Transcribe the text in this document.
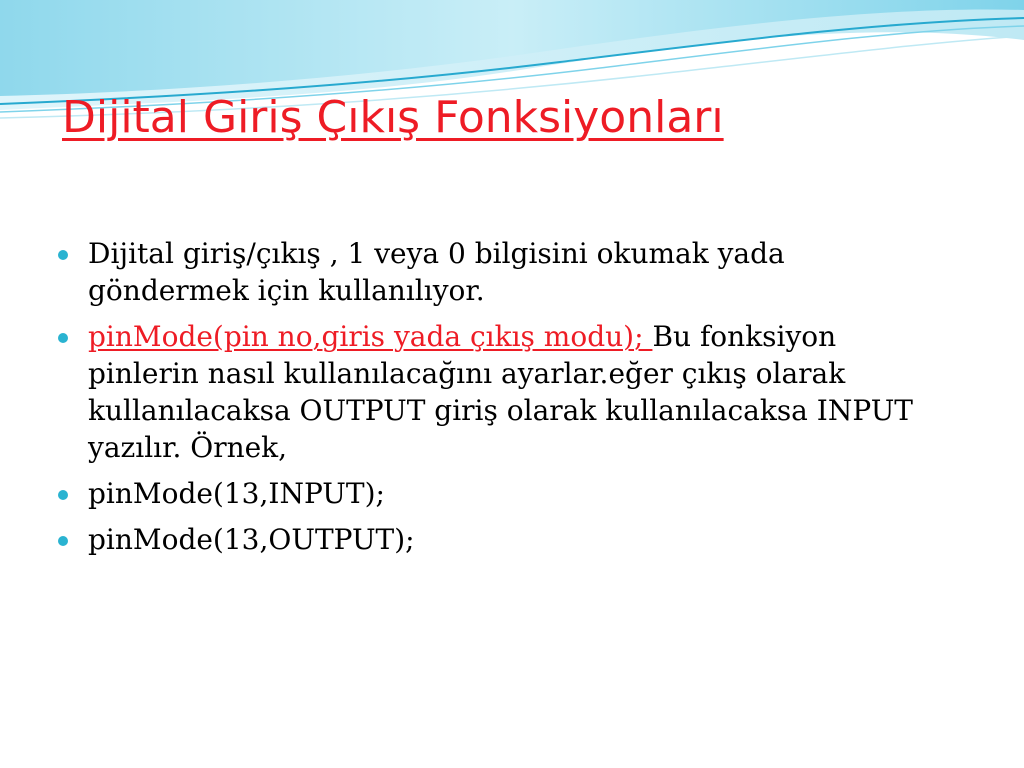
Dijital Giriş Çıkış Fonksiyonları
Dijital giriş/çıkış , 1 veya 0 bilgisini okumak yada göndermek için kullanılıyor.
pinMode(pin no,giris yada çıkış modu); Bu fonksiyon pinlerin nasıl kullanılacağını ayarlar.eğer çıkış olarak kullanılacaksa OUTPUT giriş olarak kullanılacaksa INPUT yazılır. Örnek,
pinMode(13,INPUT);
pinMode(13,OUTPUT);
